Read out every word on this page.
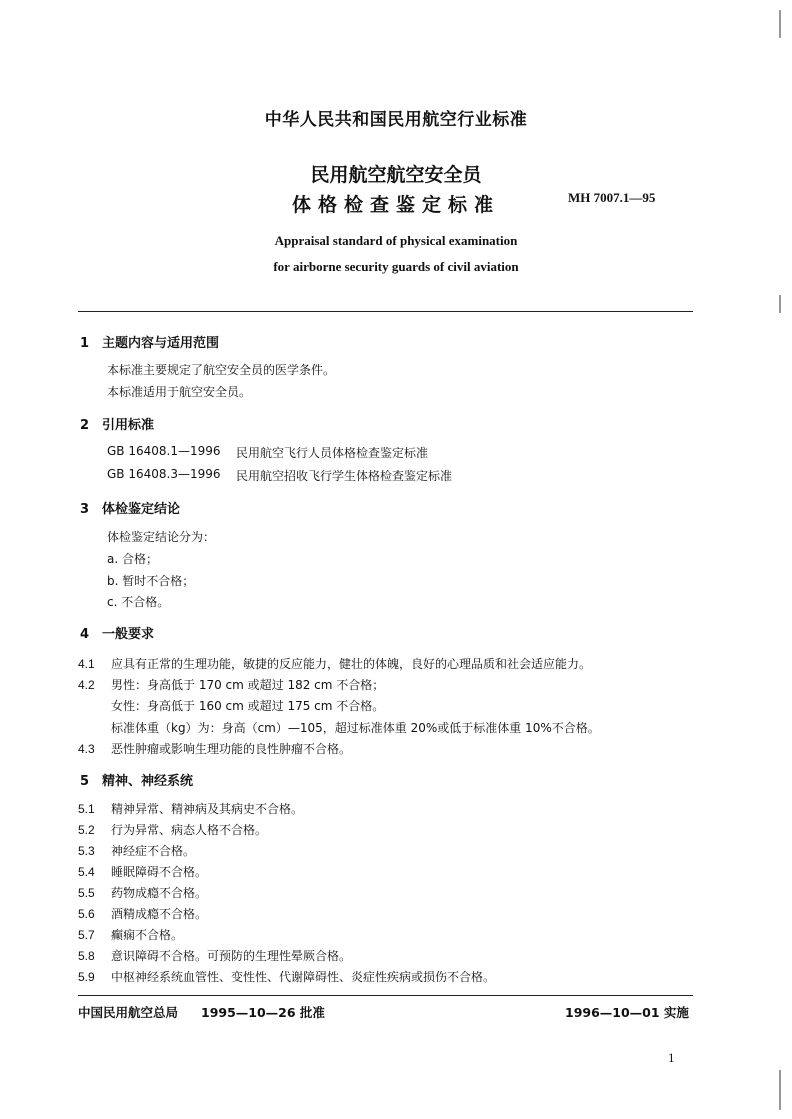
中华人民共和国民用航空行业标准
民用航空航空安全员
体格检查鉴定标准	MH 7007.1—95
Appraisal standard of physical examination
for airborne security guards of civil aviation
1 主题内容与适用范围
本标准主要规定了航空安全员的医学条件。
本标准适用于航空安全员。
2 引用标准
GB 16408.1—1996 民用航空飞行人员体格检查鉴定标准
GB 16408.3—1996 民用航空招收飞行学生体格检查鉴定标准
3 体检鉴定结论
体检鉴定结论分为：
a. 合格；
b. 暂时不合格；
c. 不合格。
4 一般要求
4.1 应具有正常的生理功能，敏捷的反应能力，健壮的体魄，良好的心理品质和社会适应能力。
4.2 男性：身高低于 170 cm 或超过 182 cm 不合格；
女性：身高低于 160 cm 或超过 175 cm 不合格。
标准体重（kg）为：身高（cm）—105，超过标准体重 20%或低于标准体重 10%不合格。
4.3 恶性肿瘤或影响生理功能的良性肿瘤不合格。
5 精神、神经系统
5.1 精神异常、精神病及其病史不合格。
5.2 行为异常、病态人格不合格。
5.3 神经症不合格。
5.4 睡眠障碍不合格。
5.5 药物成瘾不合格。
5.6 酒精成瘾不合格。
5.7 癫痫不合格。
5.8 意识障碍不合格。可预防的生理性晕厥合格。
5.9 中枢神经系统血管性、变性性、代谢障碍性、炎症性疾病或损伤不合格。
中国民用航空总局 1995—10—26 批准	1996—10—01 实施
1
